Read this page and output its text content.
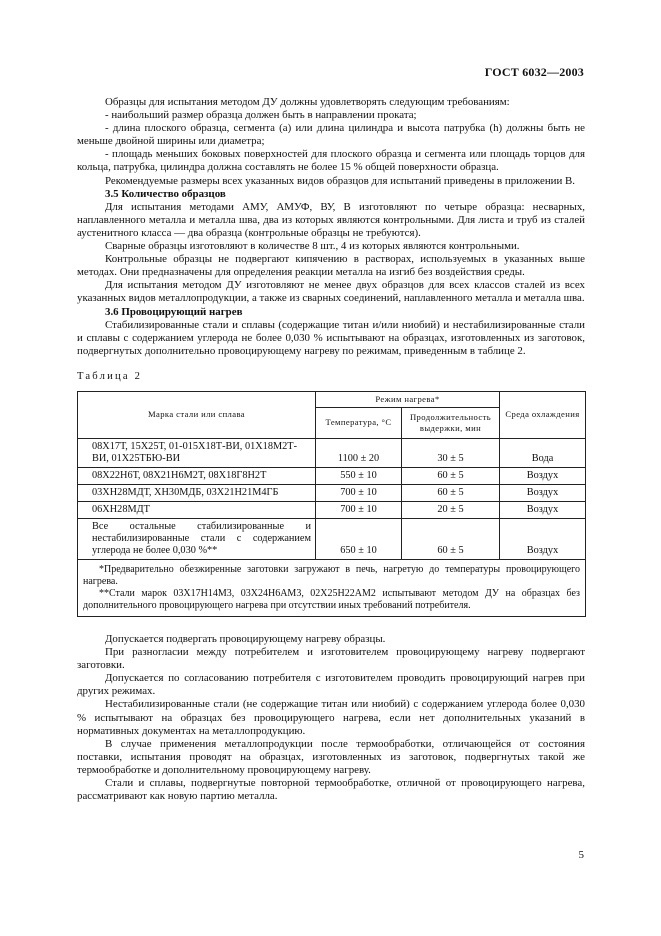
ГОСТ 6032—2003

Образцы для испытания методом ДУ должны удовлетворять следующим требованиям:

- наибольший размер образца должен быть в направлении проката;

- длина плоского образца, сегмента (а) или длина цилиндра и высота патрубка (h) должны быть не меньше двойной ширины или диаметра;

- площадь меньших боковых поверхностей для плоского образца и сегмента или площадь торцов для кольца, патрубка, цилиндра должна составлять не более 15 % общей поверхности образца.

Рекомендуемые размеры всех указанных видов образцов для испытаний приведены в приложении В.

3.5 Количество образцов

Для испытания методами АМУ, АМУФ, ВУ, В изготовляют по четыре образца: несварных, наплавленного металла и металла шва, два из которых являются контрольными. Для листа и труб из сталей аустенитного класса — два образца (контрольные образцы не требуются).

Сварные образцы изготовляют в количестве 8 шт., 4 из которых являются контрольными.

Контрольные образцы не подвергают кипячению в растворах, используемых в указанных выше методах. Они предназначены для определения реакции металла на изгиб без воздействия среды.

Для испытания методом ДУ изготовляют не менее двух образцов для всех классов сталей из всех указанных видов металлопродукции, а также из сварных соединений, наплавленного металла и металла шва.

3.6 Провоцирующий нагрев

Стабилизированные стали и сплавы (содержащие титан и/или ниобий) и нестабилизированные стали и сплавы с содержанием углерода не более 0,030 % испытывают на образцах, изготовленных из заготовок, подвергнутых дополнительно провоцирующему нагреву по режимам, приведенным в таблице 2.

Таблица 2

Марка стали или сплава	Режим нагрева*		Среда охлаждения
	Температура, °С	Продолжительность выдержки, мин	
08Х17Т, 15Х25Т, 01-015Х18Т-ВИ, 01Х18М2Т-ВИ, 01Х25ТБЮ-ВИ	1100 ± 20	30 ± 5	Вода
08Х22Н6Т, 08Х21Н6М2Т, 08Х18Г8Н2Т	550 ± 10	60 ± 5	Воздух
03ХН28МДТ, ХН30МДБ, 03Х21Н21М4ГБ	700 ± 10	60 ± 5	Воздух
06ХН28МДТ	700 ± 10	20 ± 5	Воздух
Все остальные стабилизированные и нестабилизированные стали с содержанием углерода не более 0,030 %**	650 ± 10	60 ± 5	Воздух

*Предварительно обезжиренные заготовки загружают в печь, нагретую до температуры провоцирующего нагрева.

**Стали марок 03Х17Н14М3, 03Х24Н6АМ3, 02Х25Н22АМ2 испытывают методом ДУ на образцах без дополнительного провоцирующего нагрева при отсутствии иных требований потребителя.			

Допускается подвергать провоцирующему нагреву образцы.

При разногласии между потребителем и изготовителем провоцирующему нагреву подвергают заготовки.

Допускается по согласованию потребителя с изготовителем проводить провоцирующий нагрев при других режимах.

Нестабилизированные стали (не содержащие титан или ниобий) с содержанием углерода более 0,030 % испытывают на образцах без провоцирующего нагрева, если нет дополнительных указаний в нормативных документах на металлопродукцию.

В случае применения металлопродукции после термообработки, отличающейся от состояния поставки, испытания проводят на образцах, изготовленных из заготовок, подвергнутых такой же термообработке и дополнительному провоцирующему нагреву.

Стали и сплавы, подвергнутые повторной термообработке, отличной от провоцирующего нагрева, рассматривают как новую партию металла.

5
